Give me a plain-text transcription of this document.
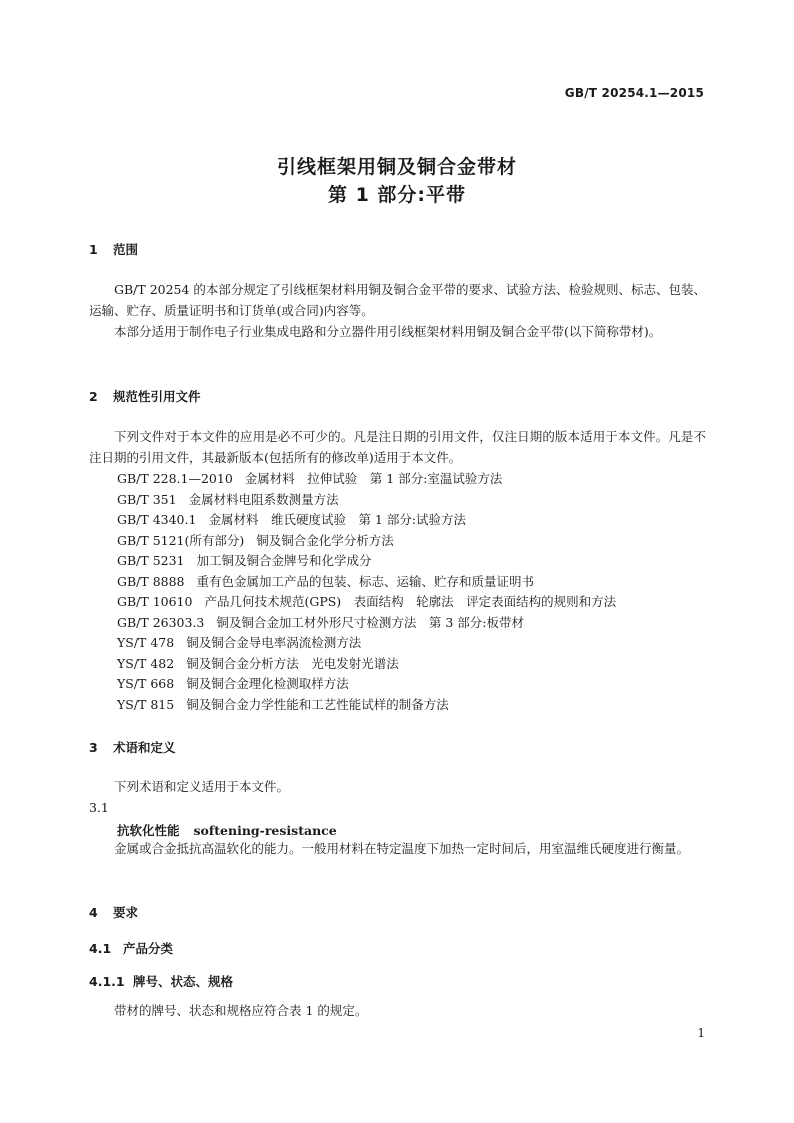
GB/T 20254.1—2015
引线框架用铜及铜合金带材
第 1 部分:平带
1 范围
GB/T 20254 的本部分规定了引线框架材料用铜及铜合金平带的要求、试验方法、检验规则、标志、包装、运输、贮存、质量证明书和订货单(或合同)内容等。
本部分适用于制作电子行业集成电路和分立器件用引线框架材料用铜及铜合金平带(以下简称带材)。
2 规范性引用文件
下列文件对于本文件的应用是必不可少的。凡是注日期的引用文件，仅注日期的版本适用于本文件。凡是不注日期的引用文件，其最新版本(包括所有的修改单)适用于本文件。
GB/T 228.1—2010 金属材料　拉伸试验　第 1 部分:室温试验方法
GB/T 351 金属材料电阻系数测量方法
GB/T 4340.1 金属材料　维氏硬度试验　第 1 部分:试验方法
GB/T 5121(所有部分) 铜及铜合金化学分析方法
GB/T 5231 加工铜及铜合金牌号和化学成分
GB/T 8888 重有色金属加工产品的包装、标志、运输、贮存和质量证明书
GB/T 10610 产品几何技术规范(GPS)　表面结构　轮廓法　评定表面结构的规则和方法
GB/T 26303.3 铜及铜合金加工材外形尺寸检测方法　第 3 部分:板带材
YS/T 478 铜及铜合金导电率涡流检测方法
YS/T 482 铜及铜合金分析方法　光电发射光谱法
YS/T 668 铜及铜合金理化检测取样方法
YS/T 815 铜及铜合金力学性能和工艺性能试样的制备方法
3 术语和定义
下列术语和定义适用于本文件。
3.1
抗软化性能 softening-resistance
金属或合金抵抗高温软化的能力。一般用材料在特定温度下加热一定时间后，用室温维氏硬度进行衡量。
4 要求
4.1 产品分类
4.1.1 牌号、状态、规格
带材的牌号、状态和规格应符合表 1 的规定。
1
